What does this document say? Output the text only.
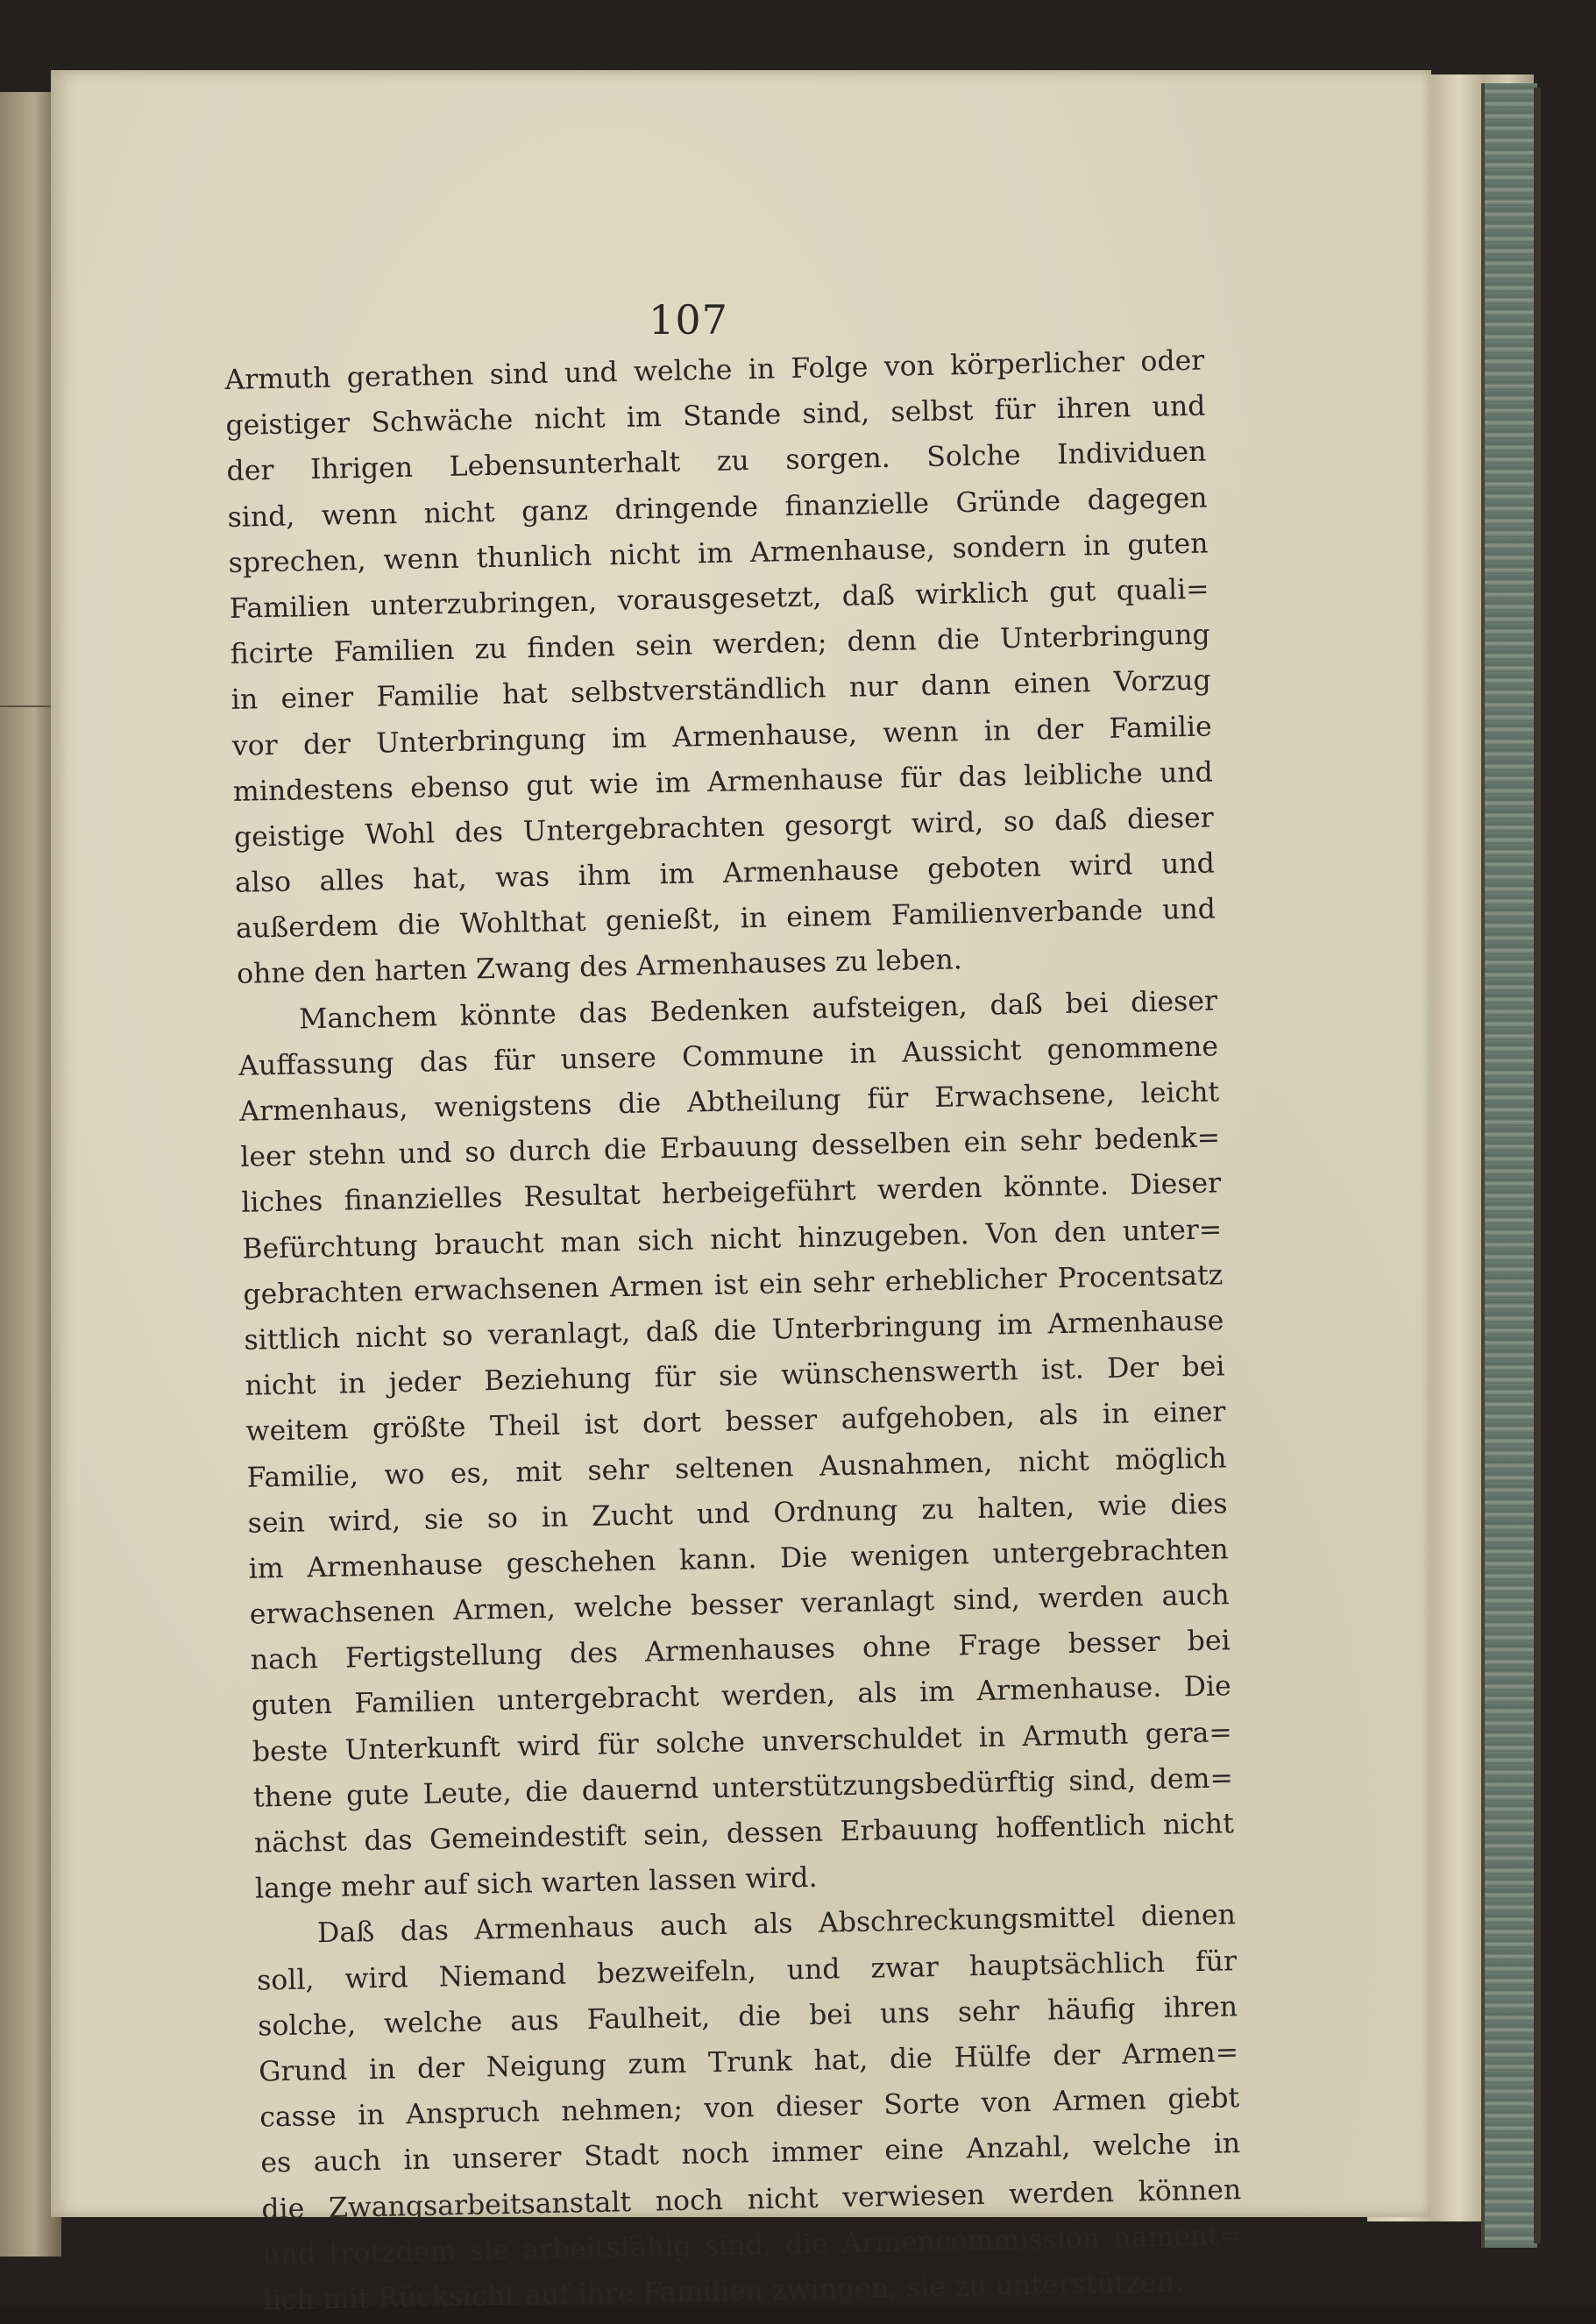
107
Armuth gerathen sind und welche in Folge von körperlicher oder
geistiger Schwäche nicht im Stande sind, selbst für ihren und
der Ihrigen Lebensunterhalt zu sorgen. Solche Individuen
sind, wenn nicht ganz dringende finanzielle Gründe dagegen
sprechen, wenn thunlich nicht im Armenhause, sondern in guten
Familien unterzubringen, vorausgesetzt, daß wirklich gut quali=
ficirte Familien zu finden sein werden; denn die Unterbringung
in einer Familie hat selbstverständlich nur dann einen Vorzug
vor der Unterbringung im Armenhause, wenn in der Familie
mindestens ebenso gut wie im Armenhause für das leibliche und
geistige Wohl des Untergebrachten gesorgt wird, so daß dieser
also alles hat, was ihm im Armenhause geboten wird und
außerdem die Wohlthat genießt, in einem Familienverbande und
ohne den harten Zwang des Armenhauses zu leben.
Manchem könnte das Bedenken aufsteigen, daß bei dieser
Auffassung das für unsere Commune in Aussicht genommene
Armenhaus, wenigstens die Abtheilung für Erwachsene, leicht
leer stehn und so durch die Erbauung desselben ein sehr bedenk=
liches finanzielles Resultat herbeigeführt werden könnte. Dieser
Befürchtung braucht man sich nicht hinzugeben. Von den unter=
gebrachten erwachsenen Armen ist ein sehr erheblicher Procentsatz
sittlich nicht so veranlagt, daß die Unterbringung im Armenhause
nicht in jeder Beziehung für sie wünschenswerth ist. Der bei
weitem größte Theil ist dort besser aufgehoben, als in einer
Familie, wo es, mit sehr seltenen Ausnahmen, nicht möglich
sein wird, sie so in Zucht und Ordnung zu halten, wie dies
im Armenhause geschehen kann. Die wenigen untergebrachten
erwachsenen Armen, welche besser veranlagt sind, werden auch
nach Fertigstellung des Armenhauses ohne Frage besser bei
guten Familien untergebracht werden, als im Armenhause. Die
beste Unterkunft wird für solche unverschuldet in Armuth gera=
thene gute Leute, die dauernd unterstützungsbedürftig sind, dem=
nächst das Gemeindestift sein, dessen Erbauung hoffentlich nicht
lange mehr auf sich warten lassen wird.
Daß das Armenhaus auch als Abschreckungsmittel dienen
soll, wird Niemand bezweifeln, und zwar hauptsächlich für
solche, welche aus Faulheit, die bei uns sehr häufig ihren
Grund in der Neigung zum Trunk hat, die Hülfe der Armen=
casse in Anspruch nehmen; von dieser Sorte von Armen giebt
es auch in unserer Stadt noch immer eine Anzahl, welche in
die Zwangsarbeitsanstalt noch nicht verwiesen werden können
und trotzdem sie arbeitsfähig sind, die Armencommission nament=
lich mit Rücksicht auf ihre Familien zwingen, sie zu unterstützen.
